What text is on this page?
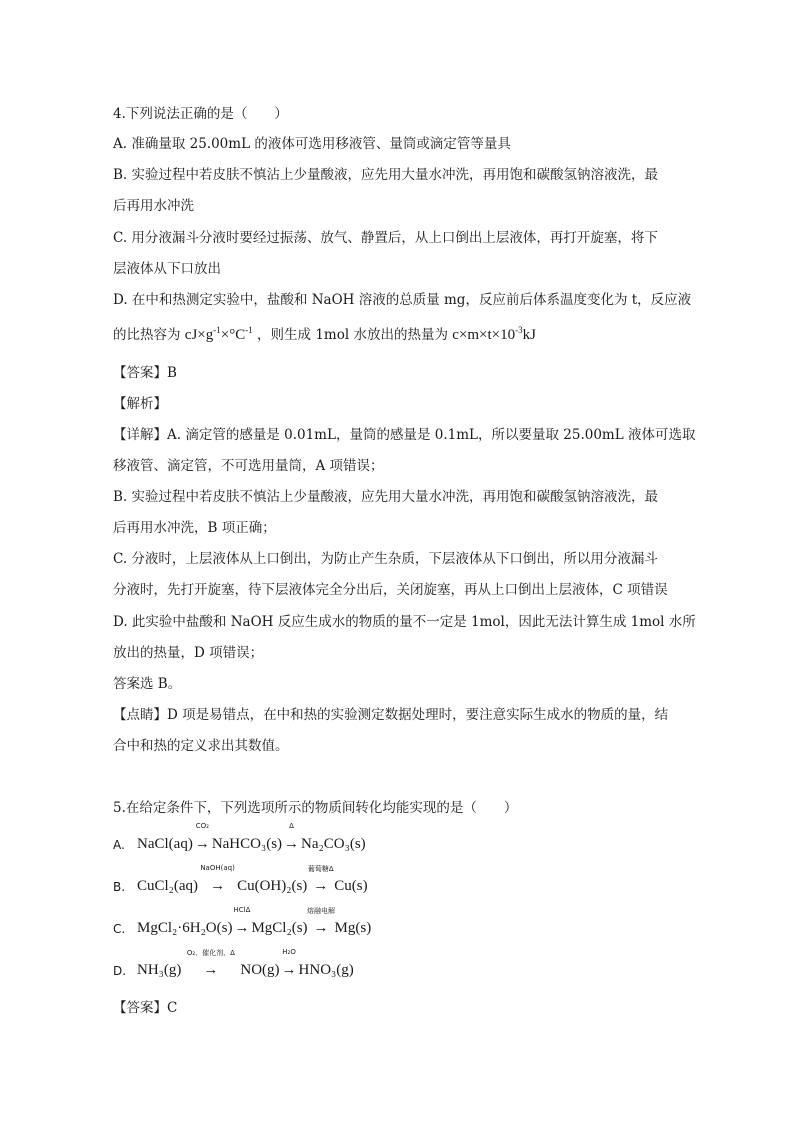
4.下列说法正确的是（　　）
A. 准确量取 25.00mL 的液体可选用移液管、量筒或滴定管等量具
B. 实验过程中若皮肤不慎沾上少量酸液，应先用大量水冲洗，再用饱和碳酸氢钠溶液洗，最
后再用水冲洗
C. 用分液漏斗分液时要经过振荡、放气、静置后，从上口倒出上层液体，再打开旋塞，将下
层液体从下口放出
D. 在中和热测定实验中，盐酸和 NaOH 溶液的总质量 mg，反应前后体系温度变化为 t，反应液
的比热容为 $cJ\times g^{-1}\times^\circ C^{-1}$ ，则生成 1mol 水放出的热量为 $c\times m\times t\times 10^{-3}kJ$
【答案】B
【解析】
【详解】A. 滴定管的感量是 0.01mL，量筒的感量是 0.1mL，所以要量取 25.00mL 液体可选取
移液管、滴定管，不可选用量筒，A 项错误；
B. 实验过程中若皮肤不慎沾上少量酸液，应先用大量水冲洗，再用饱和碳酸氢钠溶液洗，最
后再用水冲洗，B 项正确；
C. 分液时，上层液体从上口倒出，为防止产生杂质，下层液体从下口倒出，所以用分液漏斗
分液时，先打开旋塞，待下层液体完全分出后，关闭旋塞，再从上口倒出上层液体，C 项错误
D. 此实验中盐酸和 NaOH 反应生成水的物质的量不一定是 1mol，因此无法计算生成 1mol 水所
放出的热量，D 项错误；
答案选 B。
【点睛】D 项是易错点，在中和热的实验测定数据处理时，要注意实际生成水的物质的量，结
合中和热的定义求出其数值。
5.在给定条件下，下列选项所示的物质间转化均能实现的是（　　）
A. NaCl(aq)
CO₂
→ NaHCO₃(s)
Δ
→ Na₂CO₃(s)
B. CuCl₂(aq)
NaOH(aq)
→ Cu(OH)₂(s)
葡萄糖Δ
→ Cu(s)
C. MgCl₂·6H₂O(s)
HClΔ
→ MgCl₂(s)
熔融电解
→ Mg(s)
D. NH₃(g)
O₂、催化剂、Δ
→ NO(g)
H₂O
→ HNO₃(g)
【答案】C
